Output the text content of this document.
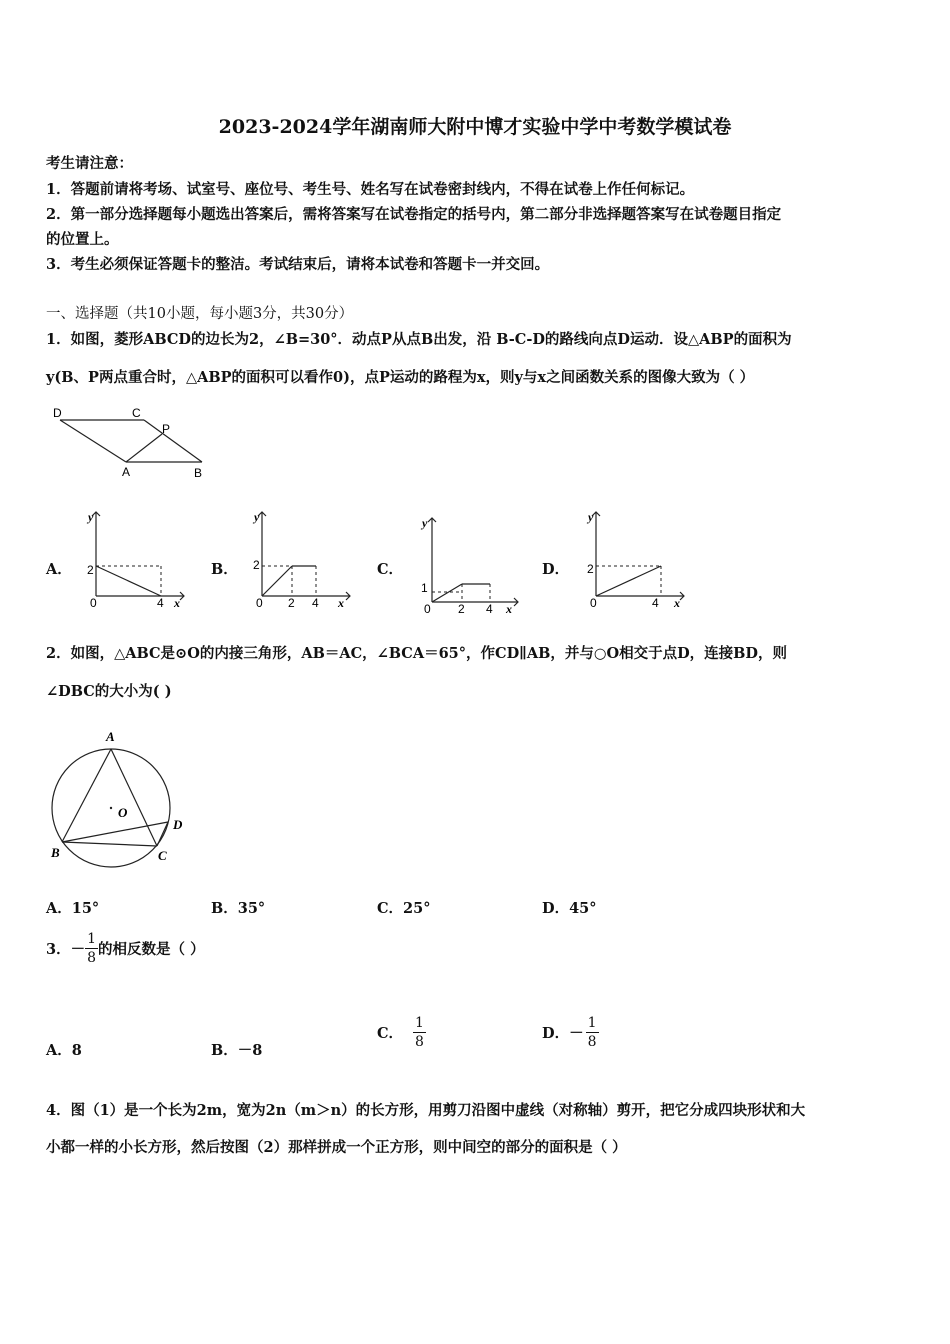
2023-2024学年湖南师大附中博才实验中学中考数学模试卷
考生请注意：
1．答题前请将考场、试室号、座位号、考生号、姓名写在试卷密封线内，不得在试卷上作任何标记。
2．第一部分选择题每小题选出答案后，需将答案写在试卷指定的括号内，第二部分非选择题答案写在试卷题目指定
的位置上。
3．考生必须保证答题卡的整洁。考试结束后，请将本试卷和答题卡一并交回。
一、选择题（共10小题，每小题3分，共30分）
1．如图，菱形ABCD的边长为2，∠B=30°．动点P从点B出发，沿 B-C-D的路线向点D运动．设△ABP的面积为
y(B、P两点重合时，△ABP的面积可以看作0)，点P运动的路程为x，则y与x之间函数关系的图像大致为（ ）
D	C
P
A	B
A．
y
2
0	4 x
B．
y
2
0 2 4 x
C．
y
1
0 2 4 x
D．
y
2
0	4 x
2．如图，△ABC是⊙O的内接三角形，AB＝AC，∠BCA＝65°，作CD∥AB，并与○O相交于点D，连接BD，则
∠DBC的大小为( )
A
O
D
B	C
A．15°	B．35°	C．25°	D．45°
3．－ $\frac{1}{8}$ 的相反数是（ ）
A．8	B．－8
C． $\frac{1}{8}$	D．－ $\frac{1}{8}$
4．图（1）是一个长为2m，宽为2n（m＞n）的长方形，用剪刀沿图中虚线（对称轴）剪开，把它分成四块形状和大
小都一样的小长方形，然后按图（2）那样拼成一个正方形，则中间空的部分的面积是（ ）
